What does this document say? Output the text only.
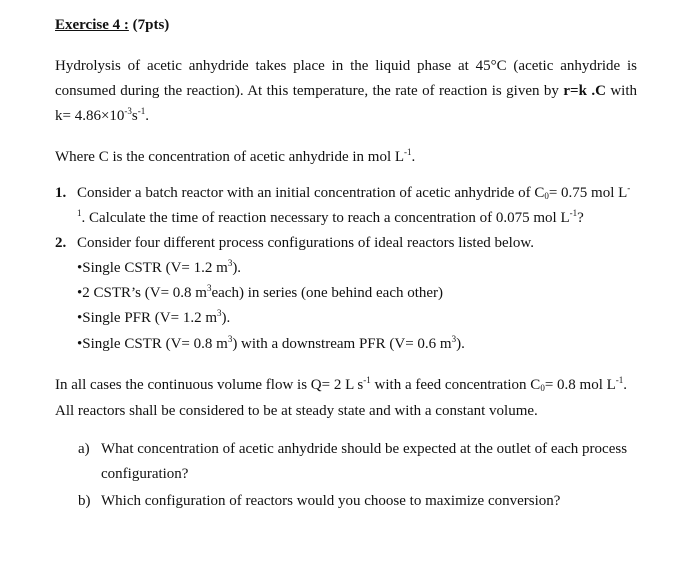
Exercise 4 : (7pts)
Hydrolysis of acetic anhydride takes place in the liquid phase at 45°C (acetic anhydride is
consumed during the reaction). At this temperature, the rate of reaction is given by r=k .C with
$k= 4.86\times 10^{-3}s^{-1}$.
Where C is the concentration of acetic anhydride in mol $L^{-1}$.
1. Consider a batch reactor with an initial concentration of acetic anhydride of $C_0= 0.75$ mol L-
$^1$. Calculate the time of reaction necessary to reach a concentration of 0.075 mol $L^{-1}$?
2. Consider four different process configurations of ideal reactors listed below.
•Single CSTR (V= 1.2 $m^3$).
•2 CSTR’s (V= 0.8 $m^3each$) in series (one behind each other)
•Single PFR (V= 1.2 $m^3$).
•Single CSTR (V= 0.8 $m^3$) with a downstream PFR (V= 0.6 $m^3$).
In all cases the continuous volume flow is Q= 2 L $s^{-1}$ with a feed concentration $C_0= 0.8$ mol $L^{-1}$.
All reactors shall be considered to be at steady state and with a constant volume.
a) What concentration of acetic anhydride should be expected at the outlet of each process
configuration?
b) Which configuration of reactors would you choose to maximize conversion?
